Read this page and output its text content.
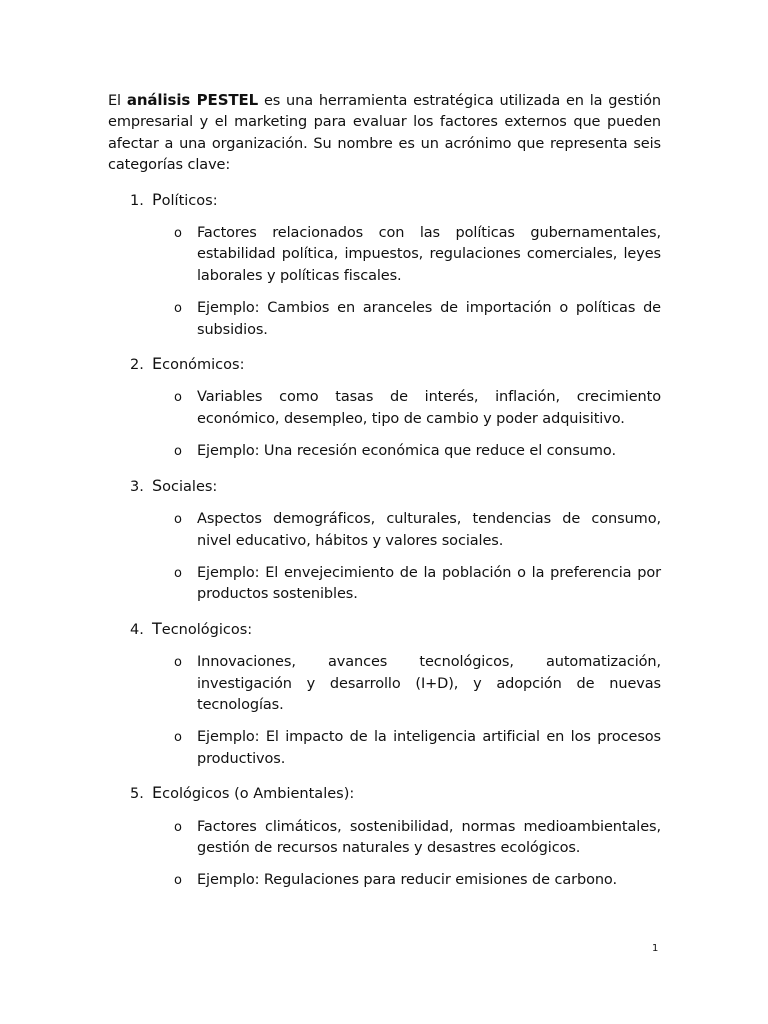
El análisis PESTEL es una herramienta estratégica utilizada en la gestión empresarial y el marketing para evaluar los factores externos que pueden afectar a una organización. Su nombre es un acrónimo que representa seis categorías clave:

1. Políticos:
o	Factores relacionados con las políticas gubernamentales, estabilidad política, impuestos, regulaciones comerciales, leyes laborales y políticas fiscales.
o	Ejemplo: Cambios en aranceles de importación o políticas de subsidios.
2. Económicos:
o	Variables como tasas de interés, inflación, crecimiento económico, desempleo, tipo de cambio y poder adquisitivo.
o	Ejemplo: Una recesión económica que reduce el consumo.
3. Sociales:
o	Aspectos demográficos, culturales, tendencias de consumo, nivel educativo, hábitos y valores sociales.
o	Ejemplo: El envejecimiento de la población o la preferencia por productos sostenibles.
4. Tecnológicos:
o	Innovaciones, avances tecnológicos, automatización, investigación y desarrollo (I+D), y adopción de nuevas tecnologías.
o	Ejemplo: El impacto de la inteligencia artificial en los procesos productivos.
5. Ecológicos (o Ambientales):
o	Factores climáticos, sostenibilidad, normas medioambientales, gestión de recursos naturales y desastres ecológicos.
o	Ejemplo: Regulaciones para reducir emisiones de carbono.
1
